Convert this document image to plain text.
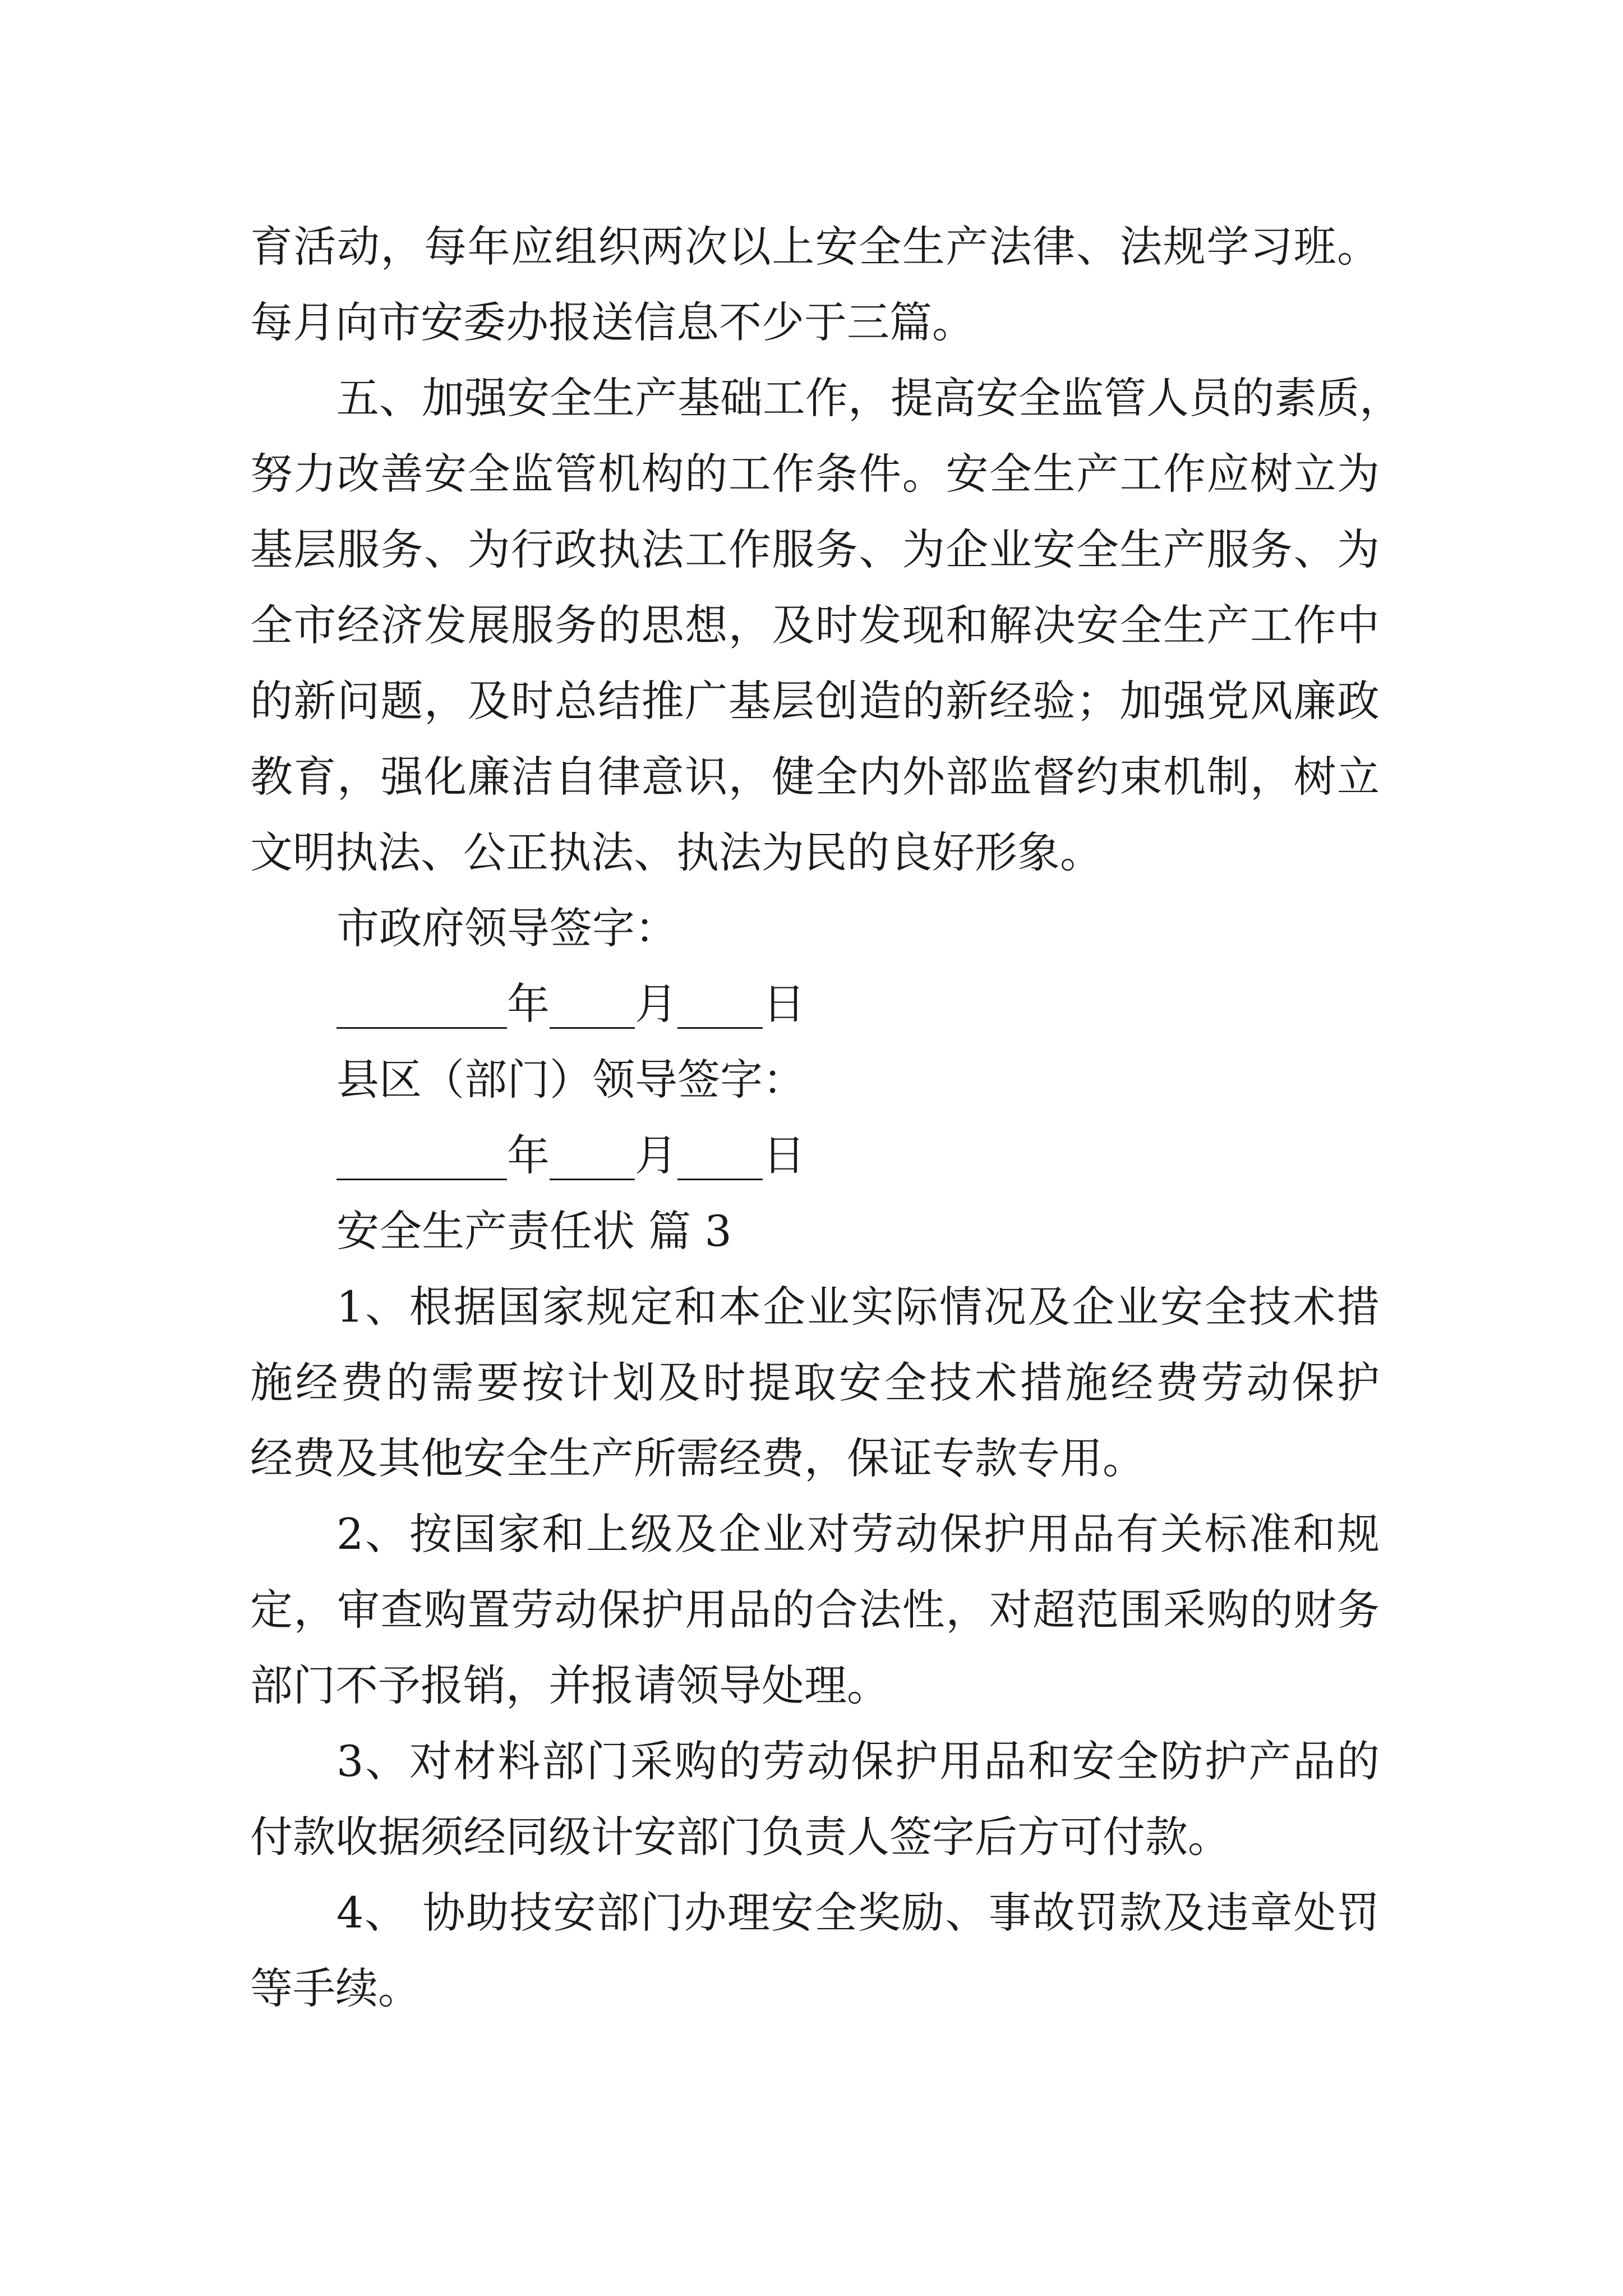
育活动，每年应组织两次以上安全生产法律、法规学习班。
每月向市安委办报送信息不少于三篇。
五、加强安全生产基础工作，提高安全监管人员的素质，
努力改善安全监管机构的工作条件。安全生产工作应树立为
基层服务、为行政执法工作服务、为企业安全生产服务、为
全市经济发展服务的思想，及时发现和解决安全生产工作中
的新问题，及时总结推广基层创造的新经验；加强党风廉政
教育，强化廉洁自律意识，健全内外部监督约束机制，树立
文明执法、公正执法、执法为民的良好形象。
市政府领导签字：
________年____月____日
县区（部门）领导签字：
________年____月____日
安全生产责任状 篇 3
1、根据国家规定和本企业实际情况及企业安全技术措
施经费的需要按计划及时提取安全技术措施经费劳动保护
经费及其他安全生产所需经费，保证专款专用。
2、按国家和上级及企业对劳动保护用品有关标准和规
定，审查购置劳动保护用品的合法性，对超范围采购的财务
部门不予报销，并报请领导处理。
3、对材料部门采购的劳动保护用品和安全防护产品的
付款收据须经同级计安部门负责人签字后方可付款。
4、 协助技安部门办理安全奖励、事故罚款及违章处罚
等手续。
